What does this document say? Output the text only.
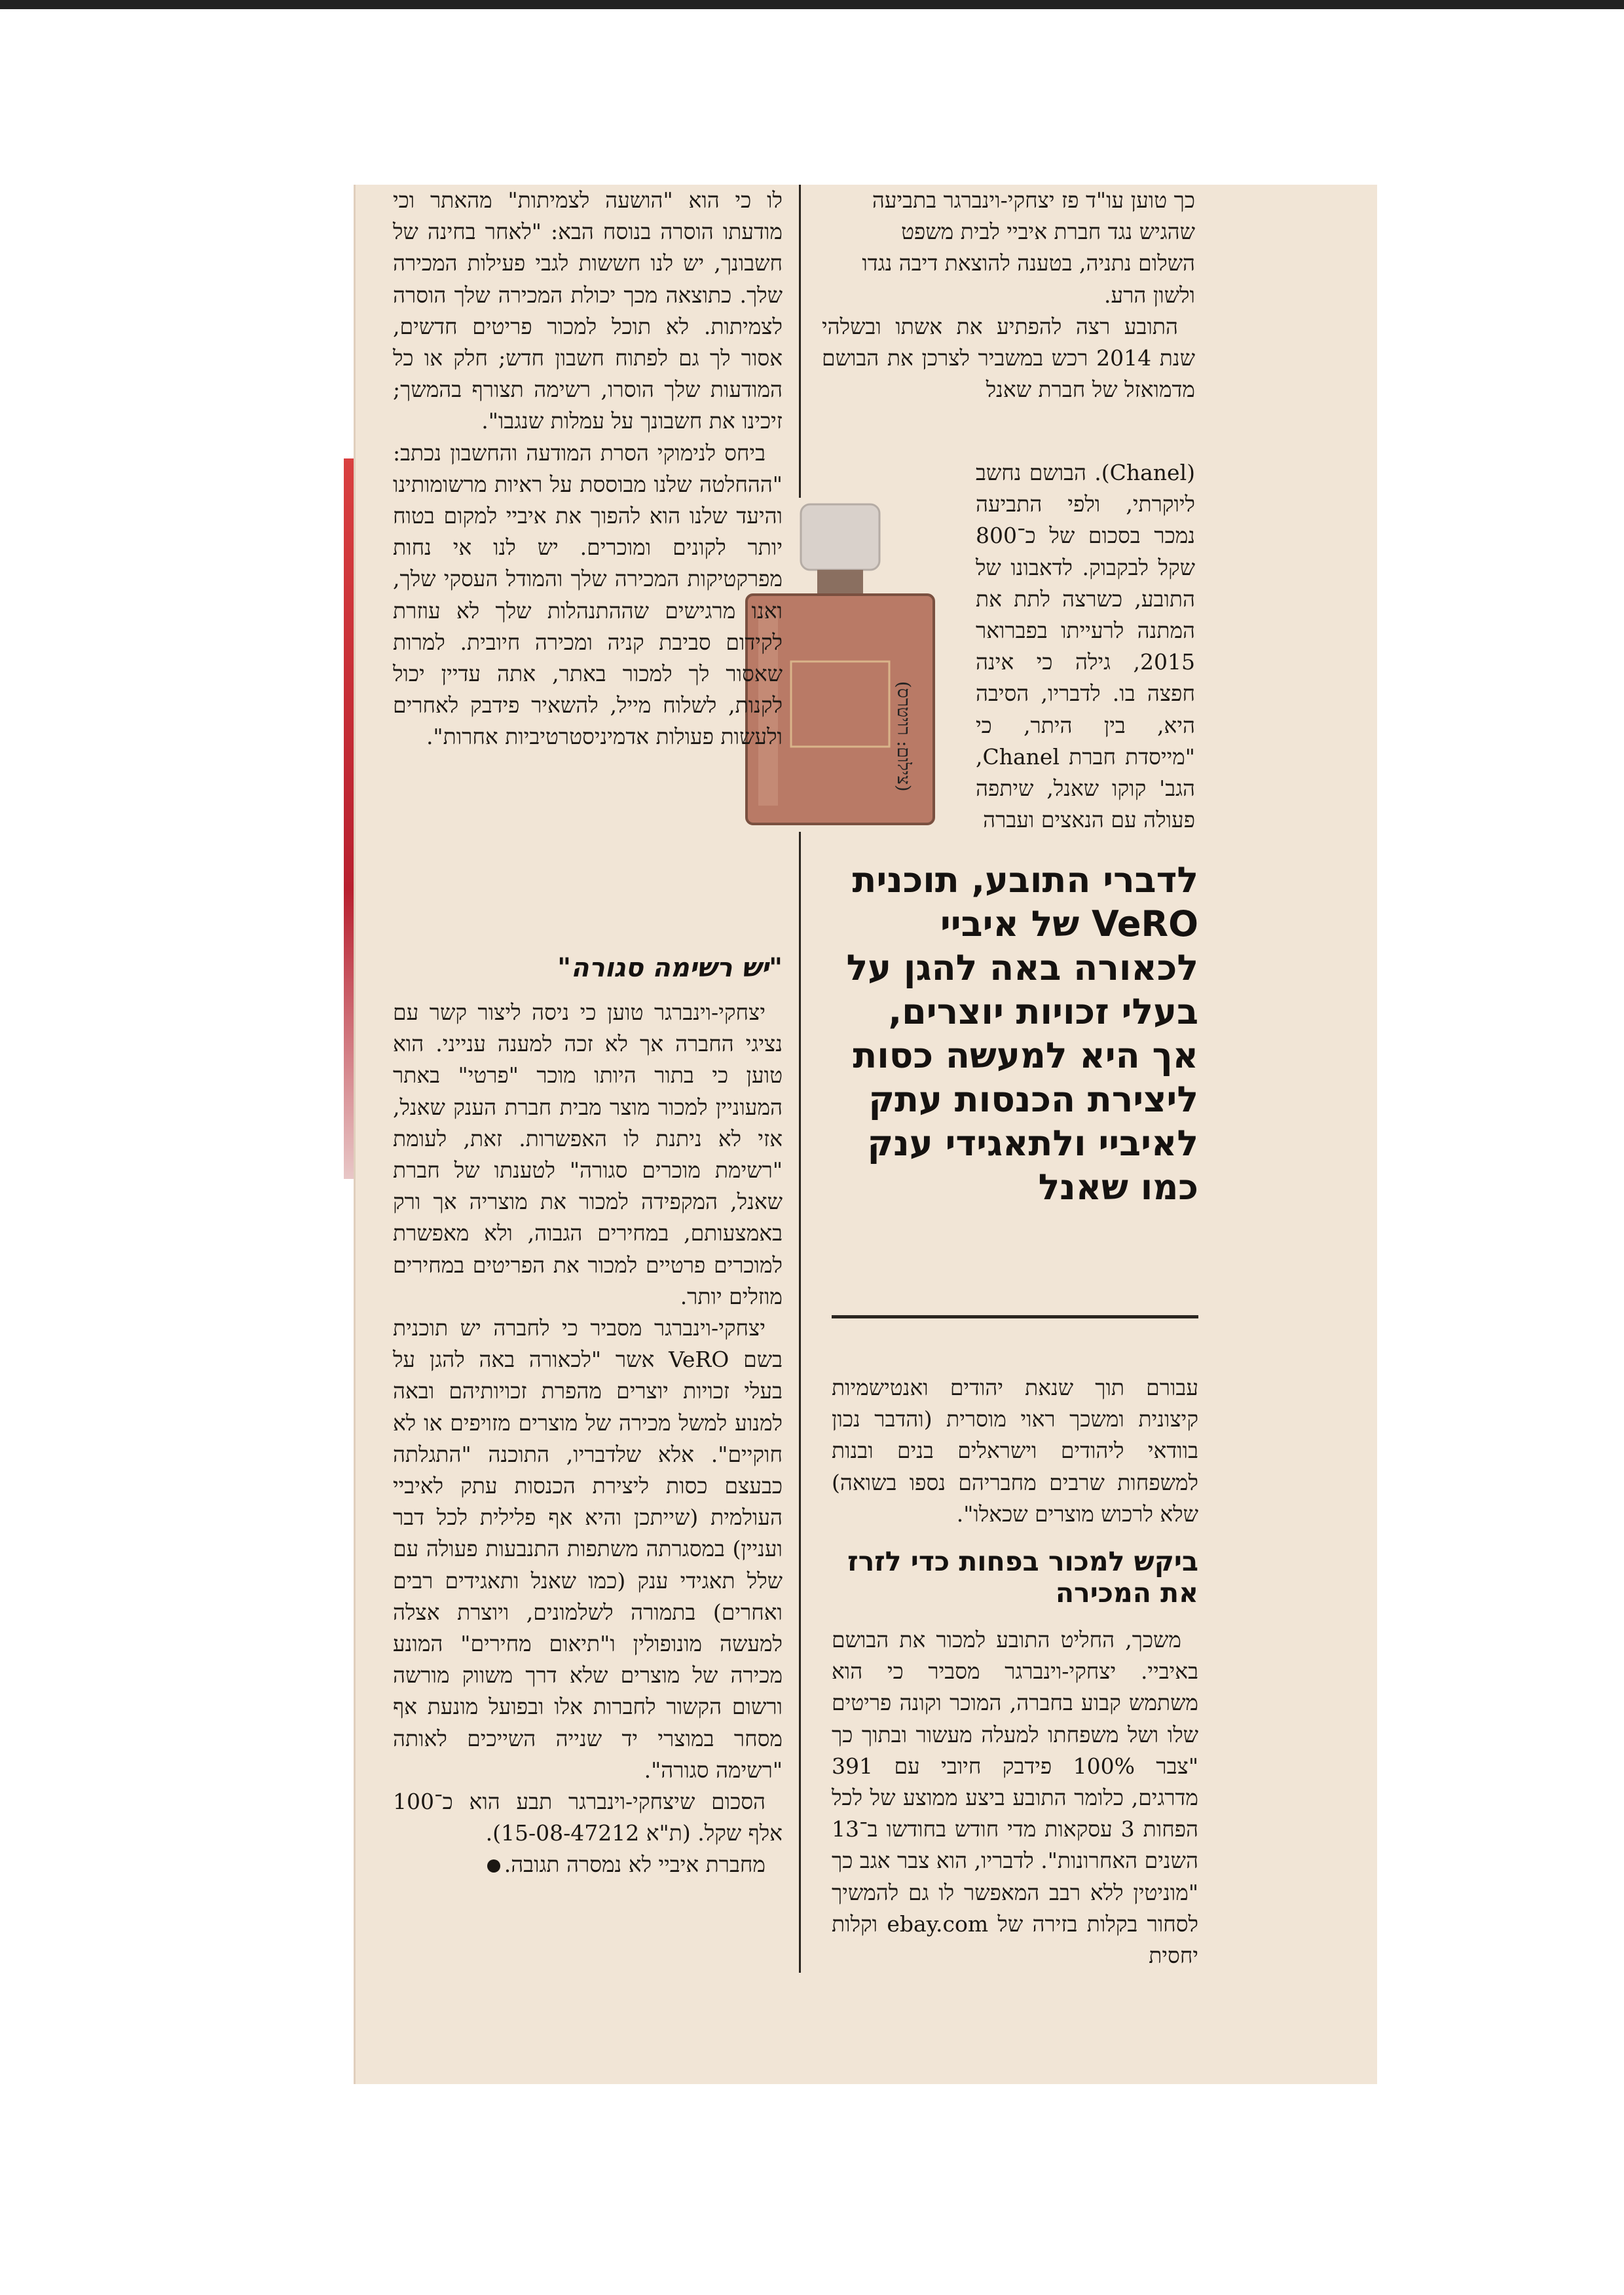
כך טוען עו"ד פז יצחקי-וינברגר בתביעה

שהגיש נגד חברת איביי לבית משפט

השלום נתניה, בטענה להוצאת דיבה נגדו

ולשון הרע.

התובע רצה להפתיע את אשתו ובשלהי שנת 2014 רכש במשביר לצרכן את הבושם מדמואזל של חברת שאנל

(Chanel). הבושם נחשב ליוקרתי, ולפי התביעה נמכר בסכום של כ־800 שקל לבקבוק. לדאבונו של התובע, כשרצה לתת את המתנה לרעייתו בפברואר 2015, גילה כי אינה חפצה בו. לדבריו, הסיבה היא, בין היתר, כי "מייסדת חברת Chanel, הגב' קוקו שאנל, שיתפה פעולה עם הנאצים ועברה

(צילום: רויטרס)
לדברי התובע, תוכנית VeRO של איביי לכאורה באה להגן על בעלי זכויות יוצרים, אך היא למעשה כסות ליצירת הכנסות עתק לאיביי ולתאגידי ענק כמו שאנל

לו כי הוא "הושעה לצמיתות" מהאתר וכי מודעתו הוסרה בנוסח הבא: "לאחר בחינה של חשבונך, יש לנו חששות לגבי פעילות המכירה שלך. כתוצאה מכך יכולת המכירה שלך הוסרה לצמיתות. לא תוכל למכור פריטים חדשים, אסור לך גם לפתוח חשבון חדש; חלק או כל המודעות שלך הוסרו, רשימה תצורף בהמשך; זיכינו את חשבונך על עמלות שנגבו".

ביחס לנימוקי הסרת המודעה והחשבון נכתב: "ההחלטה שלנו מבוססת על ראיות מרשומותינו והיעד שלנו הוא להפוך את איביי למקום בטוח יותר לקונים ומוכרים. יש לנו אי נחות מפרקטיקות המכירה שלך והמודל העסקי שלך, ואנו מרגישים שההתנהלות שלך לא עוזרת לקידום סביבת קניה ומכירה חיובית. למרות שאסור לך למכור באתר, אתה עדיין יכול לקנות, לשלוח מייל, להשאיר פידבק לאחרים ולעשות פעולות אדמיניסטרטיביות אחרות".

"יש רשימה סגורה"

יצחקי-וינברגר טוען כי ניסה ליצור קשר עם נציגי החברה אך לא זכה למענה ענייני. הוא טוען כי בתור היותו מוכר "פרטי" באתר המעוניין למכור מוצר מבית חברת הענק שאנל, אזי לא ניתנת לו האפשרות. זאת, לעומת "רשימת מוכרים סגורה" לטענתו של חברת שאנל, המקפידה למכור את מוצריה אך ורק באמצעותם, במחירים הגבוה, ולא מאפשרת למוכרים פרטיים למכור את הפריטים במחירים מוזלים יותר.

יצחקי-וינברגר מסביר כי לחברה יש תוכנית בשם VeRO אשר "לכאורה באה להגן על בעלי זכויות יוצרים מהפרת זכויותיהם ובאה למנוע למשל מכירה של מוצרים מזויפים או לא חוקיים". אלא שלדבריו, התוכנה "התגלתה כבעצם כסות ליצירת הכנסות עתק לאיביי העולמית (שייתכן והיא אף פלילית לכל דבר ועניין) במסגרתה משתפות התנבעות פעולה עם שלל תאגידי ענק (כמו שאנל ותאגידים רבים ואחרים) בתמורה לשלמונים, ויוצרת אצלה למעשה מונופולין ו"תיאום מחירים" המונע מכירה של מוצרים שלא דרך משווק מורשה ורשום הקשור לחברות אלו ובפועל מונעת אף מסחר במוצרי יד שנייה השייכים לאותה "רשימה סגורה".

הסכום שיצחקי-וינברגר תבע הוא כ־100 אלף שקל. (ת"א 15-08-47212).

מחברת איביי לא נמסרה תגובה.

עבורם תוך שנאת יהודים ואנטישמיות קיצונית ומשכך ראוי מוסרית (והדבר נכון בוודאי ליהודים וישראלים בנים ובנות למשפחות שרבים מחבריהם נספו בשואה) שלא לרכוש מוצרים שכאלו".

ביקש למכור בפחות כדי לזרז את המכירה

משכך, החליט התובע למכור את הבושם באיביי. יצחקי-וינברגר מסביר כי הוא משתמש קבוע בחברה, המוכר וקונה פריטים שלו ושל משפחתו למעלה מעשור ובתוך כך "צבר 100% פידבק חיובי עם 391 מדרגים, כלומר התובע ביצע ממוצע של לכל הפחות 3 עסקאות מדי חודש בחודשו ב־13 השנים האחרונות". לדבריו, הוא צבר אגב כך "מוניטין ללא רבב המאפשר לו גם להמשיך לסחור בקלות בזירה של ebay.com וקלות יחסית
